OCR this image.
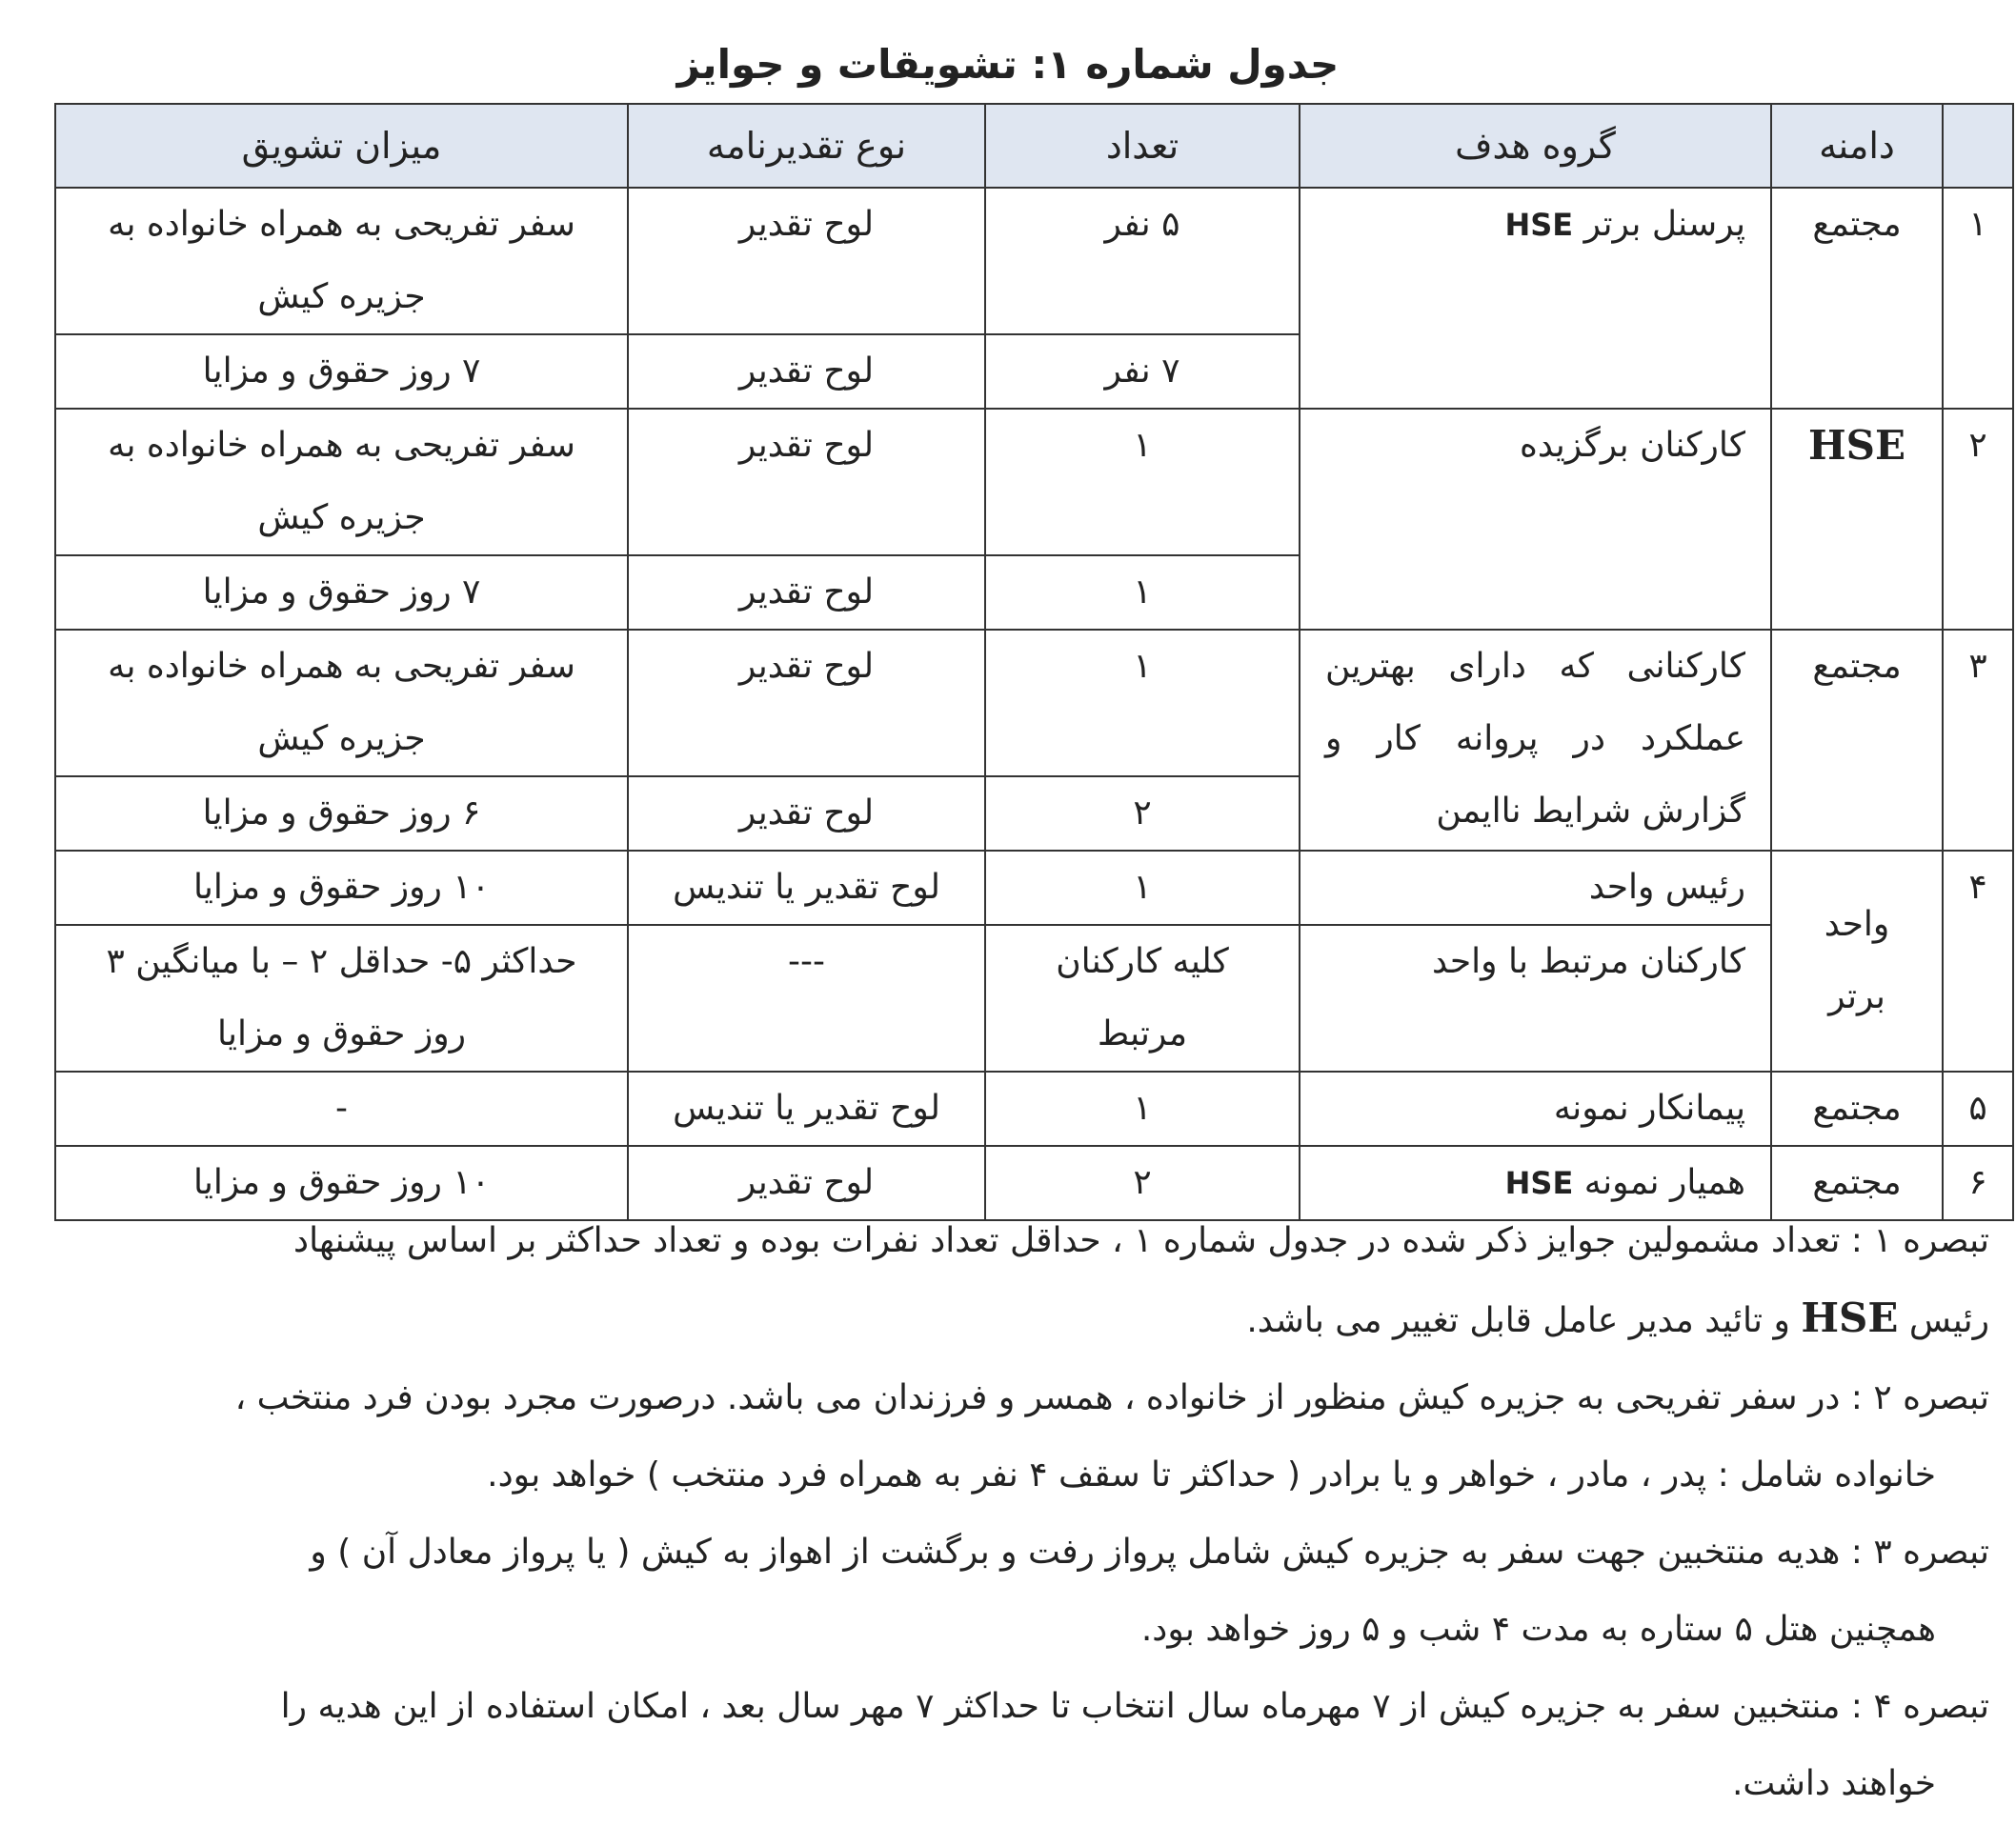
جدول شماره ۱: تشویقات و جوایز
	دامنه	گروه هدف	تعداد	نوع تقدیرنامه	میزان تشویق
۱	مجتمع	پرسنل برتر HSE	۵ نفر	لوح تقدیر	سفر تفریحی به همراه خانواده به جزیره کیش
			۷ نفر	لوح تقدیر	۷ روز حقوق و مزایا
۲	HSE	کارکنان برگزیده	۱	لوح تقدیر	سفر تفریحی به همراه خانواده به جزیره کیش
			۱	لوح تقدیر	۷ روز حقوق و مزایا
۳	مجتمع	کارکنانی که دارای بهترین عملکرد در پروانه کار و گزارش شرایط ناایمن	۱	لوح تقدیر	سفر تفریحی به همراه خانواده به جزیره کیش
			۲	لوح تقدیر	۶ روز حقوق و مزایا
۴	واحد برتر	رئیس واحد	۱	لوح تقدیر یا تندیس	۱۰ روز حقوق و مزایا
		کارکنان مرتبط با واحد	کلیه کارکنان مرتبط	---	حداکثر ۵- حداقل ۲ – با میانگین ۳ روز حقوق و مزایا
۵	مجتمع	پیمانکار نمونه	۱	لوح تقدیر یا تندیس	-
۶	مجتمع	همیار نمونه HSE	۲	لوح تقدیر	۱۰ روز حقوق و مزایا

تبصره ۱ : تعداد مشمولین جوایز ذکر شده در جدول شماره ۱ ، حداقل تعداد نفرات بوده و تعداد حداکثر بر اساس پیشنهاد
رئیس HSE و تائید مدیر عامل قابل تغییر می باشد.

تبصره ۲ : در سفر تفریحی به جزیره کیش منظور از خانواده ، همسر و فرزندان می باشد. درصورت مجرد بودن فرد منتخب ،
خانواده شامل : پدر ، مادر ، خواهر و یا برادر ( حداکثر تا سقف ۴ نفر به همراه فرد منتخب ) خواهد بود.

تبصره ۳ : هدیه منتخبین جهت سفر به جزیره کیش شامل پرواز رفت و برگشت از اهواز به کیش ( یا پرواز معادل آن ) و
همچنین هتل ۵ ستاره به مدت ۴ شب و ۵ روز خواهد بود.

تبصره ۴ : منتخبین سفر به جزیره کیش از ۷ مهرماه سال انتخاب تا حداکثر ۷ مهر سال بعد ، امکان استفاده از این هدیه را
خواهند داشت.
